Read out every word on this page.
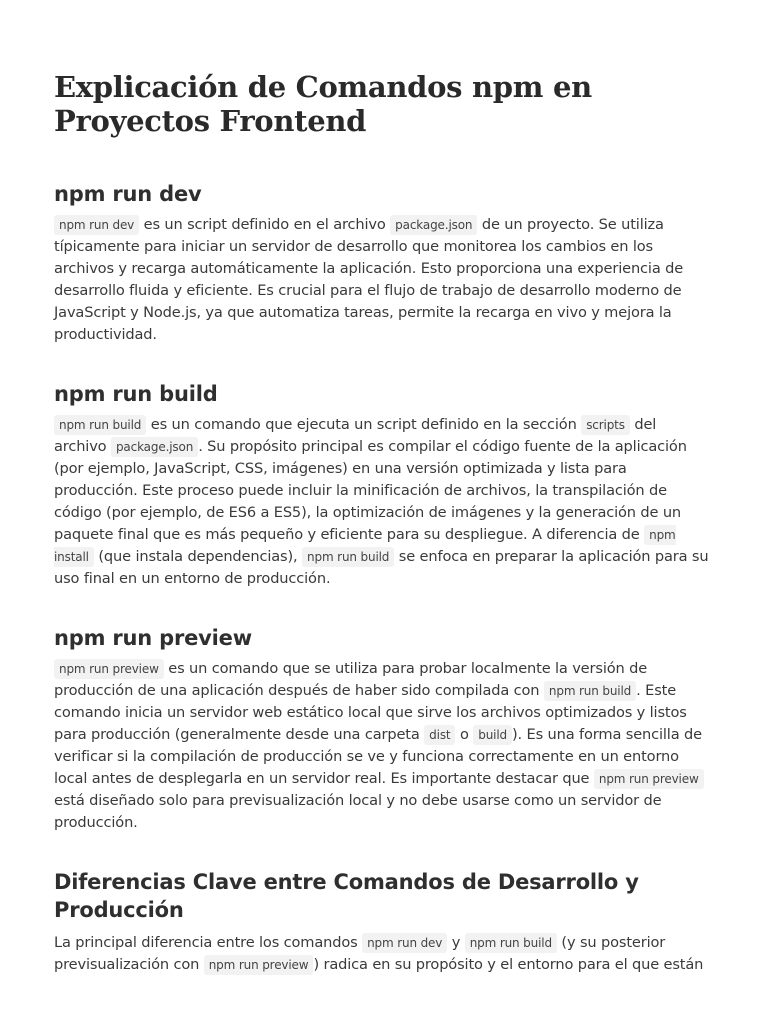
Explicación de Comandos npm en Proyectos Frontend
npm run dev

npm run dev es un script definido en el archivo package.json de un proyecto. Se utiliza típicamente para iniciar un servidor de desarrollo que monitorea los cambios en los archivos y recarga automáticamente la aplicación. Esto proporciona una experiencia de desarrollo fluida y eficiente. Es crucial para el flujo de trabajo de desarrollo moderno de JavaScript y Node.js, ya que automatiza tareas, permite la recarga en vivo y mejora la productividad.

npm run build

npm run build es un comando que ejecuta un script definido en la sección scripts del archivo package.json . Su propósito principal es compilar el código fuente de la aplicación (por ejemplo, JavaScript, CSS, imágenes) en una versión optimizada y lista para producción. Este proceso puede incluir la minificación de archivos, la transpilación de código (por ejemplo, de ES6 a ES5), la optimización de imágenes y la generación de un paquete final que es más pequeño y eficiente para su despliegue. A diferencia de npm install (que instala dependencias), npm run build se enfoca en preparar la aplicación para su uso final en un entorno de producción.

npm run preview

npm run preview es un comando que se utiliza para probar localmente la versión de producción de una aplicación después de haber sido compilada con npm run build . Este comando inicia un servidor web estático local que sirve los archivos optimizados y listos para producción (generalmente desde una carpeta dist o build ). Es una forma sencilla de verificar si la compilación de producción se ve y funciona correctamente en un entorno local antes de desplegarla en un servidor real. Es importante destacar que npm run preview está diseñado solo para previsualización local y no debe usarse como un servidor de producción.

Diferencias Clave entre Comandos de Desarrollo y Producción

La principal diferencia entre los comandos npm run dev y npm run build (y su posterior previsualización con npm run preview ) radica en su propósito y el entorno para el que están
